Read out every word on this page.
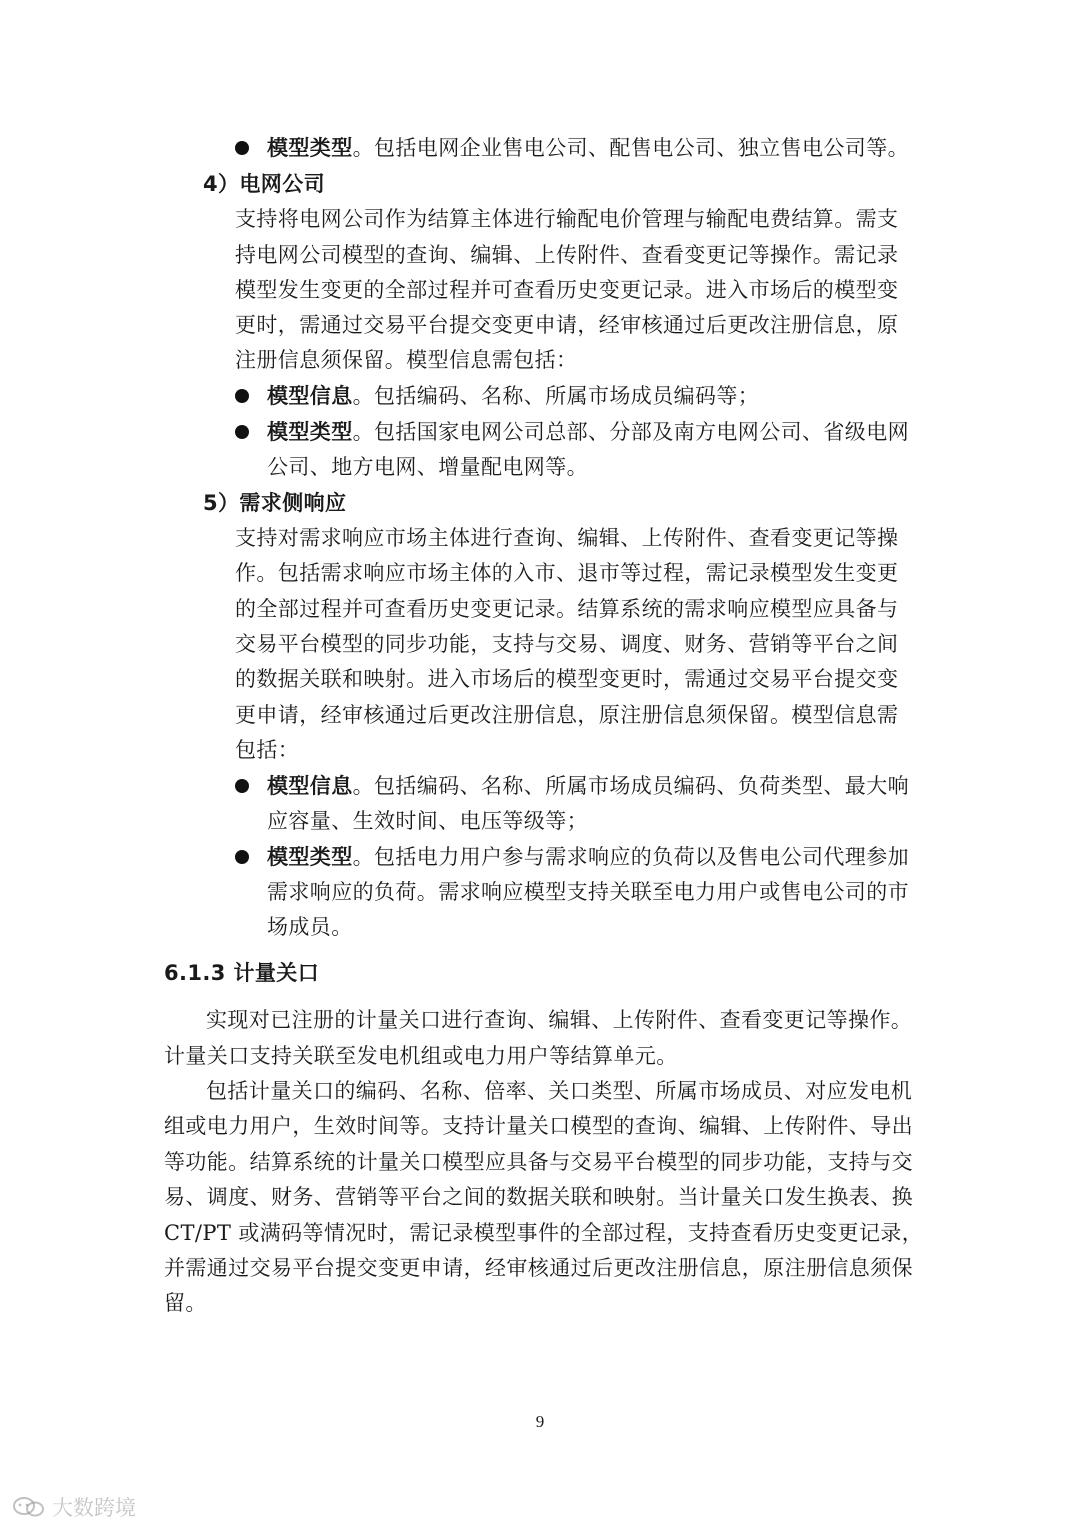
模型类型。包括电网企业售电公司、配售电公司、独立售电公司等。
4）电网公司
支持将电网公司作为结算主体进行输配电价管理与输配电费结算。需支
持电网公司模型的查询、编辑、上传附件、查看变更记等操作。需记录
模型发生变更的全部过程并可查看历史变更记录。进入市场后的模型变
更时，需通过交易平台提交变更申请，经审核通过后更改注册信息，原
注册信息须保留。模型信息需包括：
模型信息。包括编码、名称、所属市场成员编码等；
模型类型。包括国家电网公司总部、分部及南方电网公司、省级电网
公司、地方电网、增量配电网等。
5）需求侧响应
支持对需求响应市场主体进行查询、编辑、上传附件、查看变更记等操
作。包括需求响应市场主体的入市、退市等过程，需记录模型发生变更
的全部过程并可查看历史变更记录。结算系统的需求响应模型应具备与
交易平台模型的同步功能，支持与交易、调度、财务、营销等平台之间
的数据关联和映射。进入市场后的模型变更时，需通过交易平台提交变
更申请，经审核通过后更改注册信息，原注册信息须保留。模型信息需
包括：
模型信息。包括编码、名称、所属市场成员编码、负荷类型、最大响
应容量、生效时间、电压等级等；
模型类型。包括电力用户参与需求响应的负荷以及售电公司代理参加
需求响应的负荷。需求响应模型支持关联至电力用户或售电公司的市
场成员。
6.1.3 计量关口
实现对已注册的计量关口进行查询、编辑、上传附件、查看变更记等操作。
计量关口支持关联至发电机组或电力用户等结算单元。
包括计量关口的编码、名称、倍率、关口类型、所属市场成员、对应发电机
组或电力用户，生效时间等。支持计量关口模型的查询、编辑、上传附件、导出
等功能。结算系统的计量关口模型应具备与交易平台模型的同步功能，支持与交
易、调度、财务、营销等平台之间的数据关联和映射。当计量关口发生换表、换
CT/PT 或满码等情况时，需记录模型事件的全部过程，支持查看历史变更记录，
并需通过交易平台提交变更申请，经审核通过后更改注册信息，原注册信息须保
留。
9
大数跨境
